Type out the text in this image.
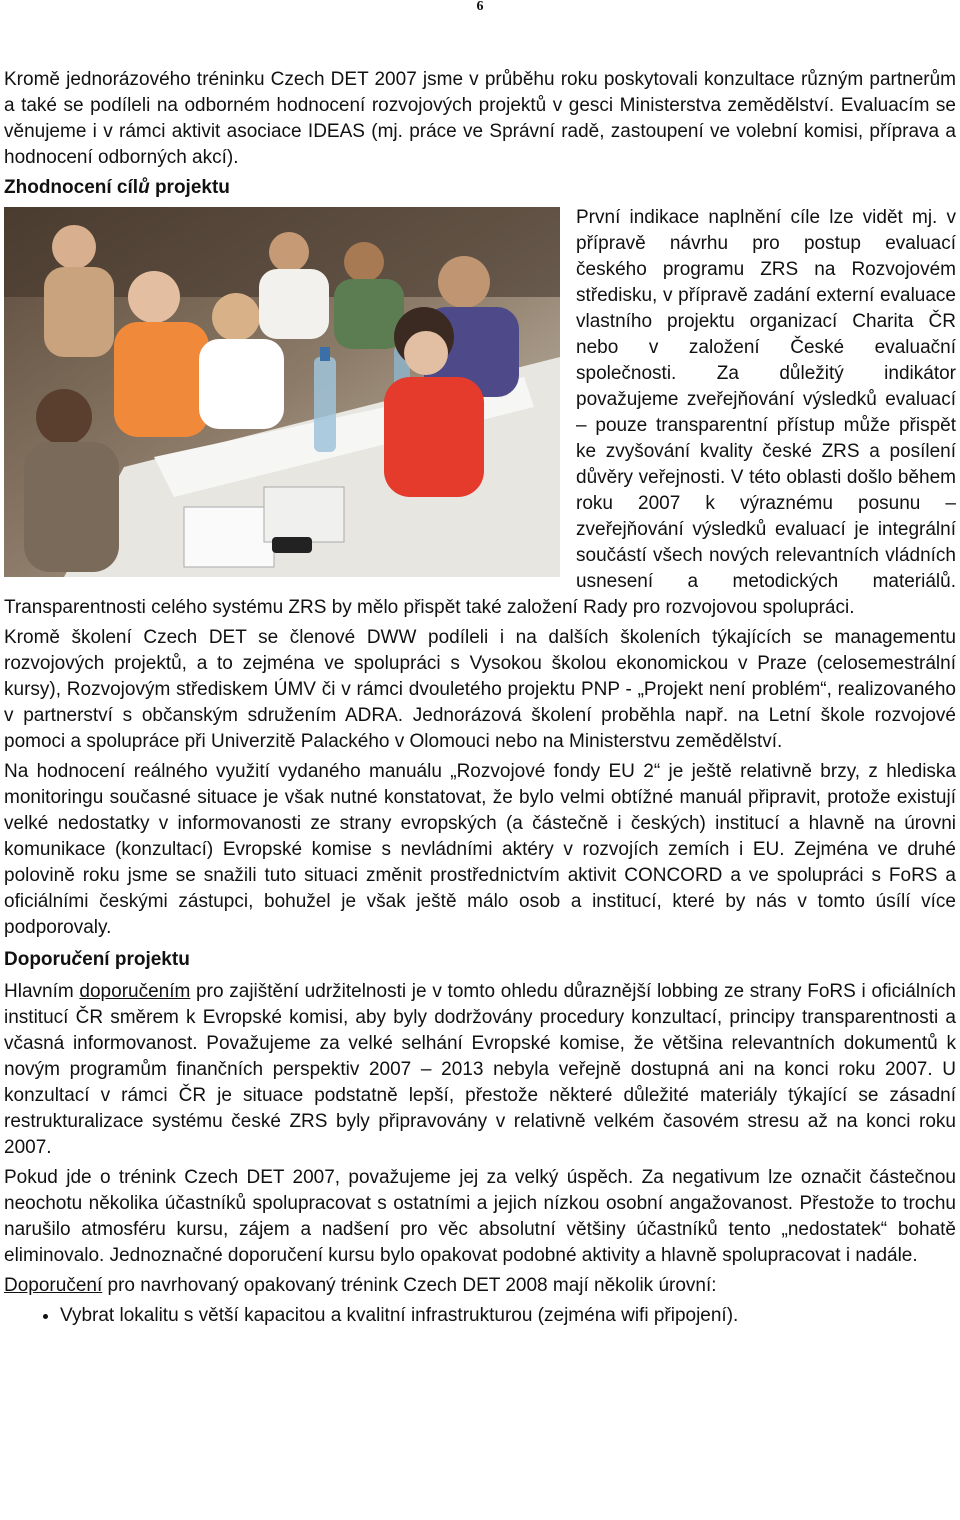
6

Kromě jednorázového tréninku Czech DET 2007 jsme v průběhu roku poskytovali konzultace různým partnerům a také se podíleli na odborném hodnocení rozvojových projektů v gesci Ministerstva zemědělství. Evaluacím se věnujeme i v rámci aktivit asociace IDEAS (mj. práce ve Správní radě, zastoupení ve volební komisi, příprava a hodnocení odborných akcí).

Zhodnocení cílů projektu

První indikace naplnění cíle lze vidět mj. v přípravě návrhu pro postup evaluací českého programu ZRS na Rozvojovém středisku, v přípravě zadání externí evaluace vlastního projektu organizací Charita ČR nebo v založení České evaluační společnosti. Za důležitý indikátor považujeme zveřejňování výsledků evaluací – pouze transparentní přístup může přispět ke zvyšování kvality české ZRS a posílení důvěry veřejnosti. V této oblasti došlo během roku 2007 k výraznému posunu – zveřejňování výsledků evaluací je integrální součástí všech nových relevantních vládních usnesení a metodických materiálů. Transparentnosti celého systému ZRS by mělo přispět také založení Rady pro rozvojovou spolupráci.

Kromě školení Czech DET se členové DWW podíleli i na dalších školeních týkajících se managementu rozvojových projektů, a to zejména ve spolupráci s Vysokou školou ekonomickou v Praze (celosemestrální kursy), Rozvojovým střediskem ÚMV či v rámci dvouletého projektu PNP - „Projekt není problém“, realizovaného v partnerství s občanským sdružením ADRA. Jednorázová školení proběhla např. na Letní škole rozvojové pomoci a spolupráce při Univerzitě Palackého v Olomouci nebo na Ministerstvu zemědělství.

Na hodnocení reálného využití vydaného manuálu „Rozvojové fondy EU 2“ je ještě relativně brzy, z hlediska monitoringu současné situace je však nutné konstatovat, že bylo velmi obtížné manuál připravit, protože existují velké nedostatky v informovanosti ze strany evropských (a částečně i českých) institucí a hlavně na úrovni komunikace (konzultací) Evropské komise s nevládními aktéry v rozvojích zemích i EU. Zejména ve druhé polovině roku jsme se snažili tuto situaci změnit prostřednictvím aktivit CONCORD a ve spolupráci s FoRS a oficiálními českými zástupci, bohužel je však ještě málo osob a institucí, které by nás v tomto úsílí více podporovaly.

Doporučení projektu

Hlavním doporučením pro zajištění udržitelnosti je v tomto ohledu důraznější lobbing ze strany FoRS i oficiálních institucí ČR směrem k Evropské komisi, aby byly dodržovány procedury konzultací, principy transparentnosti a včasná informovanost. Považujeme za velké selhání Evropské komise, že většina relevantních dokumentů k novým programům finančních perspektiv 2007 – 2013 nebyla veřejně dostupná ani na konci roku 2007. U konzultací v rámci ČR je situace podstatně lepší, přestože některé důležité materiály týkající se zásadní restrukturalizace systému české ZRS byly připravovány v relativně velkém časovém stresu až na konci roku 2007.

Pokud jde o trénink Czech DET 2007, považujeme jej za velký úspěch. Za negativum lze označit částečnou neochotu několika účastníků spolupracovat s ostatními a jejich nízkou osobní angažovanost. Přestože to trochu narušilo atmosféru kursu, zájem a nadšení pro věc absolutní většiny účastníků tento „nedostatek“ bohatě eliminovalo. Jednoznačné doporučení kursu bylo opakovat podobné aktivity a hlavně spolupracovat i nadále.

Doporučení pro navrhovaný opakovaný trénink Czech DET 2008 mají několik úrovní:

• Vybrat lokalitu s větší kapacitou a kvalitní infrastrukturou (zejména wifi připojení).
